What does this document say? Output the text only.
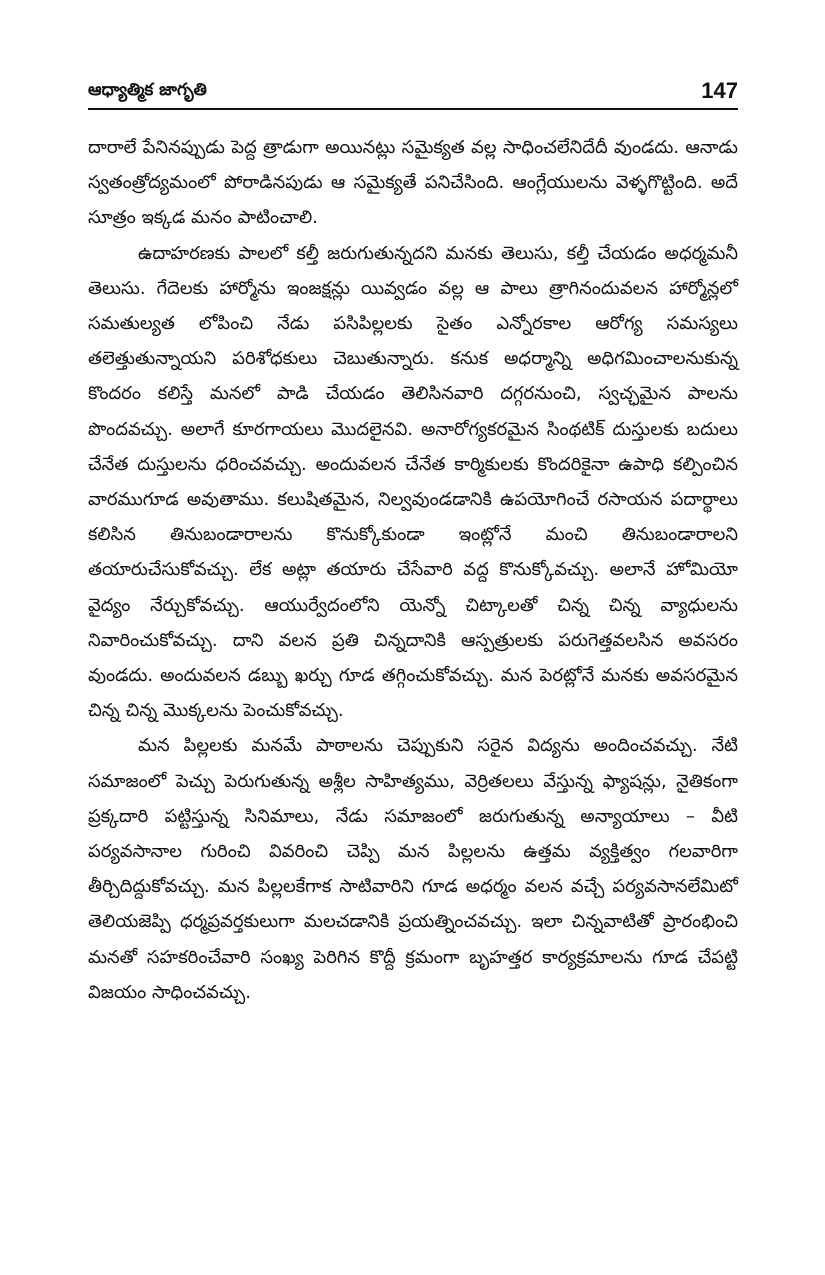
ఆధ్యాత్మిక జాగృతి	147

దారాలే పేనినప్పుడు పెద్ద త్రాడుగా అయినట్లు సమైక్యత వల్ల సాధించలేనిదేదీ వుండదు. ఆనాడు స్వతంత్రోద్యమంలో పోరాడినపుడు ఆ సమైక్యతే పనిచేసింది. ఆంగ్లేయులను వెళ్ళగొట్టింది. అదే సూత్రం ఇక్కడ మనం పాటించాలి.

ఉదాహరణకు పాలలో కల్తీ జరుగుతున్నదని మనకు తెలుసు, కల్తీ చేయడం అధర్మమనీ తెలుసు. గేదెలకు హార్మోను ఇంజక్షన్లు యివ్వడం వల్ల ఆ పాలు త్రాగినందువలన హార్మోన్లలో సమతుల్యత లోపించి నేడు పసిపిల్లలకు సైతం ఎన్నోరకాల ఆరోగ్య సమస్యలు తలెత్తుతున్నాయని పరిశోధకులు చెబుతున్నారు. కనుక అధర్మాన్ని అధిగమించాలనుకున్న కొందరం కలిస్తే మనలో పాడి చేయడం తెలిసినవారి దగ్గరనుంచి, స్వచ్ఛమైన పాలను పొందవచ్చు. అలాగే కూరగాయలు మొదలైనవి. అనారోగ్యకరమైన సింథటిక్ దుస్తులకు బదులు చేనేత దుస్తులను ధరించవచ్చు. అందువలన చేనేత కార్మికులకు కొందరికైనా ఉపాధి కల్పించిన వారముగూడ అవుతాము. కలుషితమైన, నిల్వవుండడానికి ఉపయోగించే రసాయన పదార్థాలు కలిసిన తినుబండారాలను కొనుక్కోకుండా ఇంట్లోనే మంచి తినుబండారాలని తయారుచేసుకోవచ్చు. లేక అట్లా తయారు చేసేవారి వద్ద కొనుక్కోవచ్చు. అలానే హోమియో వైద్యం నేర్చుకోవచ్చు. ఆయుర్వేదంలోని యెన్నో చిట్కాలతో చిన్న చిన్న వ్యాధులను నివారించుకోవచ్చు. దాని వలన ప్రతి చిన్నదానికి ఆస్పత్రులకు పరుగెత్తవలసిన అవసరం వుండదు. అందువలన డబ్బు ఖర్చు గూడ తగ్గించుకోవచ్చు. మన పెరట్లోనే మనకు అవసరమైన చిన్న చిన్న మొక్కలను పెంచుకోవచ్చు.

మన పిల్లలకు మనమే పాఠాలను చెప్పుకుని సరైన విద్యను అందించవచ్చు. నేటి సమాజంలో పెచ్చు పెరుగుతున్న అశ్లీల సాహిత్యము, వెర్రితలలు వేస్తున్న ఫ్యాషన్లు, నైతికంగా ప్రక్కదారి పట్టిస్తున్న సినిమాలు, నేడు సమాజంలో జరుగుతున్న అన్యాయాలు – వీటి పర్యవసానాల గురించి వివరించి చెప్పి మన పిల్లలను ఉత్తమ వ్యక్తిత్వం గలవారిగా తీర్చిదిద్దుకోవచ్చు. మన పిల్లలకేగాక సాటివారిని గూడ అధర్మం వలన వచ్చే పర్యవసానలేమిటో తెలియజెప్పి ధర్మప్రవర్తకులుగా మలచడానికి ప్రయత్నించవచ్చు. ఇలా చిన్నవాటితో ప్రారంభించి మనతో సహకరించేవారి సంఖ్య పెరిగిన కొద్దీ క్రమంగా బృహత్తర కార్యక్రమాలను గూడ చేపట్టి విజయం సాధించవచ్చు.
